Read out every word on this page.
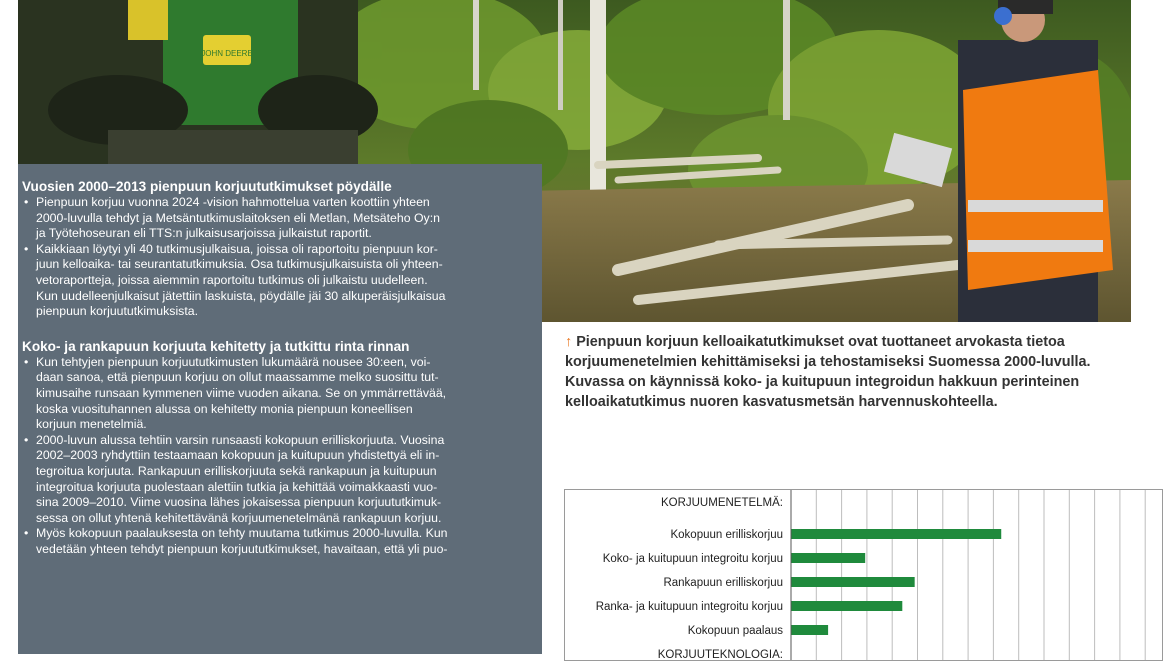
JOHN DEERE
Vuosien 2000–2013 pienpuun korjuututkimukset pöydälle
• Pienpuun korjuu vuonna 2024 -vision hahmottelua varten koottiin yhteen
2000-luvulla tehdyt ja Metsäntutkimuslaitoksen eli Metlan, Metsäteho Oy:n
ja Työtehoseuran eli TTS:n julkaisusarjoissa julkaistut raportit.
• Kaikkiaan löytyi yli 40 tutkimusjulkaisua, joissa oli raportoitu pienpuun kor-
juun kelloaika- tai seurantatutkimuksia. Osa tutkimusjulkaisuista oli yhteen-
vetoraportteja, joissa aiemmin raportoitu tutkimus oli julkaistu uudelleen.
Kun uudelleenjulkaisut jätettiin laskuista, pöydälle jäi 30 alkuperäisjulkaisua
pienpuun korjuututkimuksista.
Koko- ja rankapuun korjuuta kehitetty ja tutkittu rinta rinnan
• Kun tehtyjen pienpuun korjuututkimusten lukumäärä nousee 30:een, voi-
daan sanoa, että pienpuun korjuu on ollut maassamme melko suosittu tut-
kimusaihe runsaan kymmenen viime vuoden aikana. Se on ymmärrettävää,
koska vuosituhannen alussa on kehitetty monia pienpuun koneellisen
korjuun menetelmiä.
• 2000-luvun alussa tehtiin varsin runsaasti kokopuun erilliskorjuuta. Vuosina
2002–2003 ryhdyttiin testaamaan kokopuun ja kuitupuun yhdistettyä eli in-
tegroitua korjuuta. Rankapuun erilliskorjuuta sekä rankapuun ja kuitupuun
integroitua korjuuta puolestaan alettiin tutkia ja kehittää voimakkaasti vuo-
sina 2009–2010. Viime vuosina lähes jokaisessa pienpuun korjuututkimuk-
sessa on ollut yhtenä kehitettävänä korjuumenetelmänä rankapuun korjuu.
• Myös kokopuun paalauksesta on tehty muutama tutkimus 2000-luvulla. Kun
vedetään yhteen tehdyt pienpuun korjuututkimukset, havaitaan, että yli puo-
↑ Pienpuun korjuun kelloaikatutkimukset ovat tuottaneet arvokasta tietoa korjuumenetelmien kehittämiseksi ja tehostamiseksi Suomessa 2000-luvulla. Kuvassa on käynnissä koko- ja kuitupuun integroidun hakkuun perinteinen kelloaikatutkimus nuoren kasvatusmetsän harvennuskohteella.
KORJUUMENETELMÄ:
Kokopuun erilliskorjuu
Koko- ja kuitupuun integroitu korjuu
Rankapuun erilliskorjuu
Ranka- ja kuitupuun integroitu korjuu
Kokopuun paalaus
KORJUUTEKNOLOGIA:
